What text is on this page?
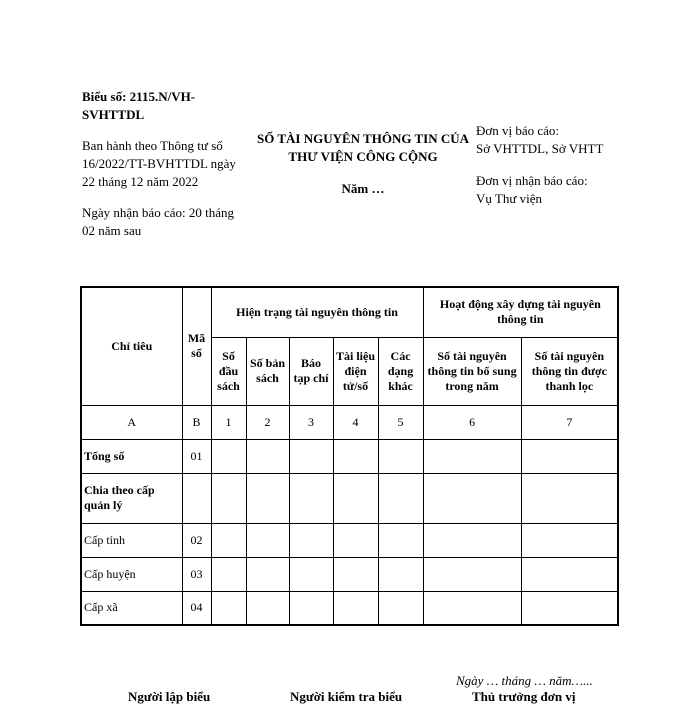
Biểu số: 2115.N/VH-
SVHTTDL
Ban hành theo Thông tư số
16/2022/TT-BVHTTDL ngày
22 tháng 12 năm 2022
Ngày nhận báo cáo: 20 tháng
02 năm sau
SỐ TÀI NGUYÊN THÔNG TIN CỦA
THƯ VIỆN CÔNG CỘNG
Năm …
Đơn vị báo cáo:
Sở VHTTDL, Sở VHTT
Đơn vị nhận báo cáo:
Vụ Thư viện
Chỉ tiêu	Mã số	Hiện trạng tài nguyên thông tin					Hoạt động xây dựng tài nguyên thông tin	
		Số đầu sách	Số bản sách	Báo tạp chí	Tài liệu điện tử/số	Các dạng khác	Số tài nguyên thông tin bổ sung trong năm	Số tài nguyên thông tin được thanh lọc
A	B	1	2	3	4	5	6	7
Tổng số	01							
Chia theo cấp quản lý								
Cấp tỉnh	02							
Cấp huyện	03							
Cấp xã	04							
Ngày … tháng … năm…...
Người lập biểu	Người kiểm tra biểu	Thủ trưởng đơn vị
